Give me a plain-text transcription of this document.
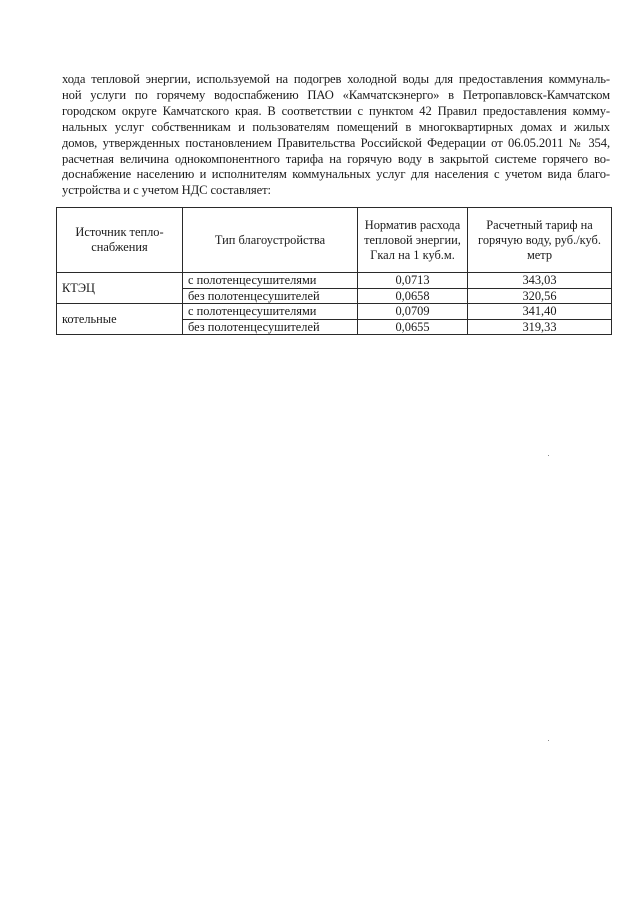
хода тепловой энергии, используемой на подогрев холодной воды для предоставления коммуналь-
ной услуги по горячему водоспабжению ПАО «Камчатскэнерго» в Петропавловск-Камчатском
городском округе Камчатского края. В соответствии с пунктом 42 Правил предоставления комму-
нальных услуг собственникам и пользователям помещений в многоквартирных домах и жилых
домов, утвержденных постановлением Правительства Российской Федерации от 06.05.2011 № 354,
расчетная величина однокомпонентного тарифа на горячую воду в закрытой системе горячего во-
доснабжение населению и исполнителям коммунальных услуг для населения с учетом вида благо-
устройства и с учетом НДС составляет:

Источник тепло-снабжения	Тип благоустройства	Норматив расхода тепловой энергии, Гкал на 1 куб.м.	Расчетный тариф на горячую воду, руб./куб. метр
КТЭЦ	с полотенцесушителями	0,0713	343,03
	без полотенцесушителей	0,0658	320,56
котельные	с полотенцесушителями	0,0709	341,40
	без полотенцесушителей	0,0655	319,33
